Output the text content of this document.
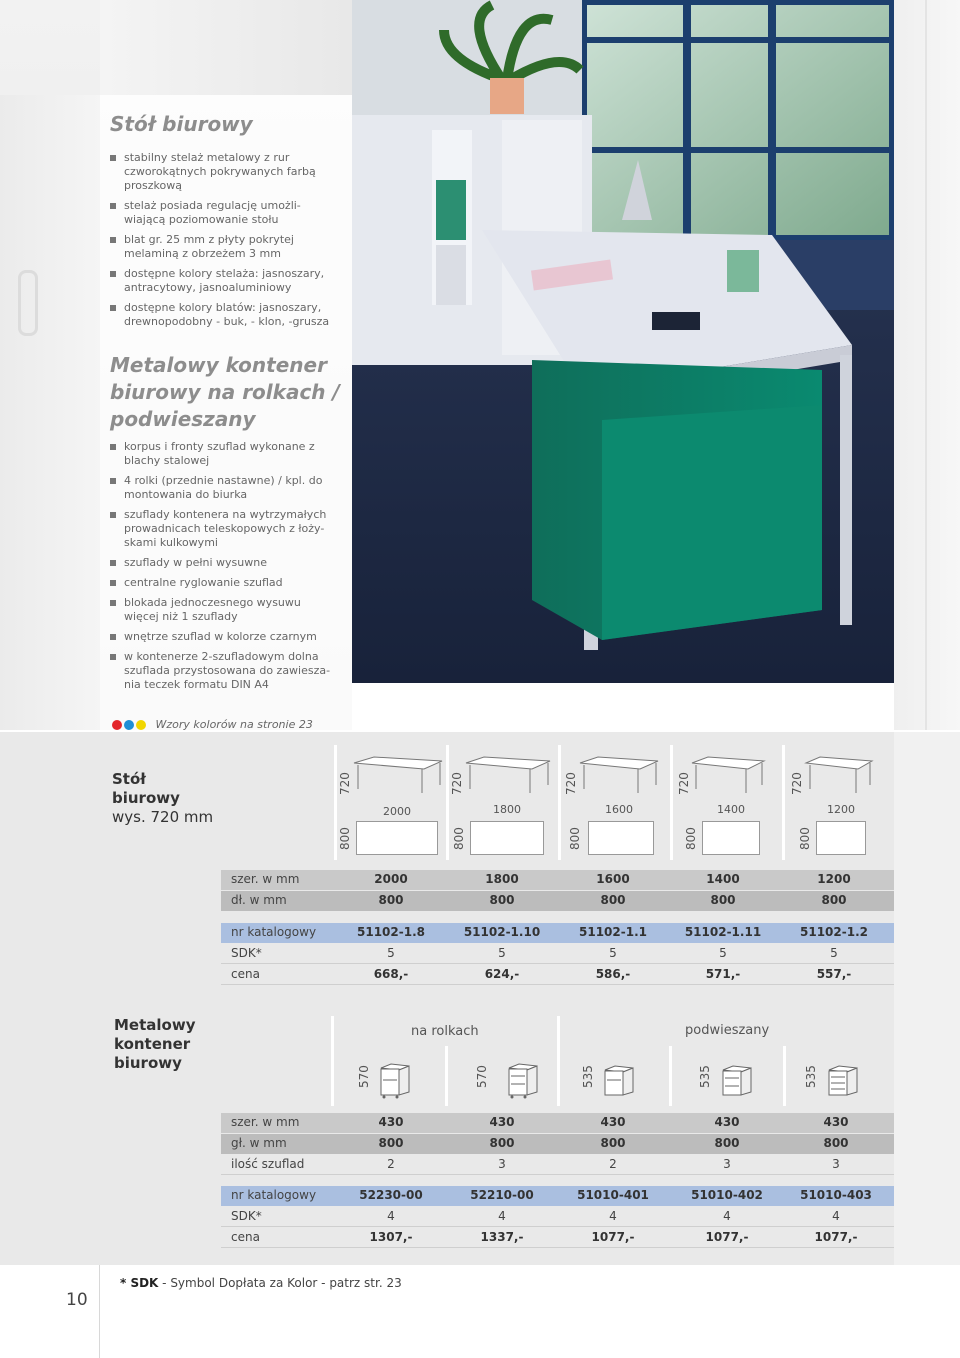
Stół biurowy
stabilny stelaż metalowy z rur czworokątnych pokrywanych farbą proszkową
stelaż posiada regulację umożli-wiającą poziomowanie stołu
blat gr. 25 mm z płyty pokrytej melaminą z obrzeżem 3 mm
dostępne kolory stelaża: jasnoszary, antracytowy, jasnoaluminiowy
dostępne kolory blatów: jasnoszary, drewnopodobny - buk, - klon, -grusza
Metalowy kontener biurowy na rolkach / podwieszany
korpus i fronty szuflad wykonane z blachy stalowej
4 rolki (przednie nastawne) / kpl. do montowania do biurka
szuflady kontenera na wytrzymałych prowadnicach teleskopowych z łoży-skami kulkowymi
szuflady w pełni wysuwne
centralne ryglowanie szuflad
blokada jednoczesnego wysuwu więcej niż 1 szuflady
wnętrze szuflad w kolorze czarnym
w kontenerze 2-szufladowym dolna szuflada przystosowana do zawiesza-nia teczek formatu DIN A4
Wzory kolorów na stronie 23
Stół
biurowy
wys. 720 mm
720
2000
800
720
1800
800
720
1600
800
720
1400
800
720
1200
800
szer. w mm	2000	1800	1600	1400	1200
dł. w mm	800	800	800	800	800
nr katalogowy	51102-1.8	51102-1.10	51102-1.1	51102-1.11	51102-1.2
SDK*	5	5	5	5	5
cena	668,-	624,-	586,-	571,-	557,-
Metalowy
kontener
biurowy
na rolkach	podwieszany
570	570	535	535	535
szer. w mm	430	430	430	430	430
gł. w mm	800	800	800	800	800
ilość szuflad	2	3	2	3	3
nr katalogowy	52230-00	52210-00	51010-401	51010-402	51010-403
SDK*	4	4	4	4	4
cena	1307,-	1337,-	1077,-	1077,-	1077,-
10
* SDK - Symbol Dopłata za Kolor - patrz str. 23
